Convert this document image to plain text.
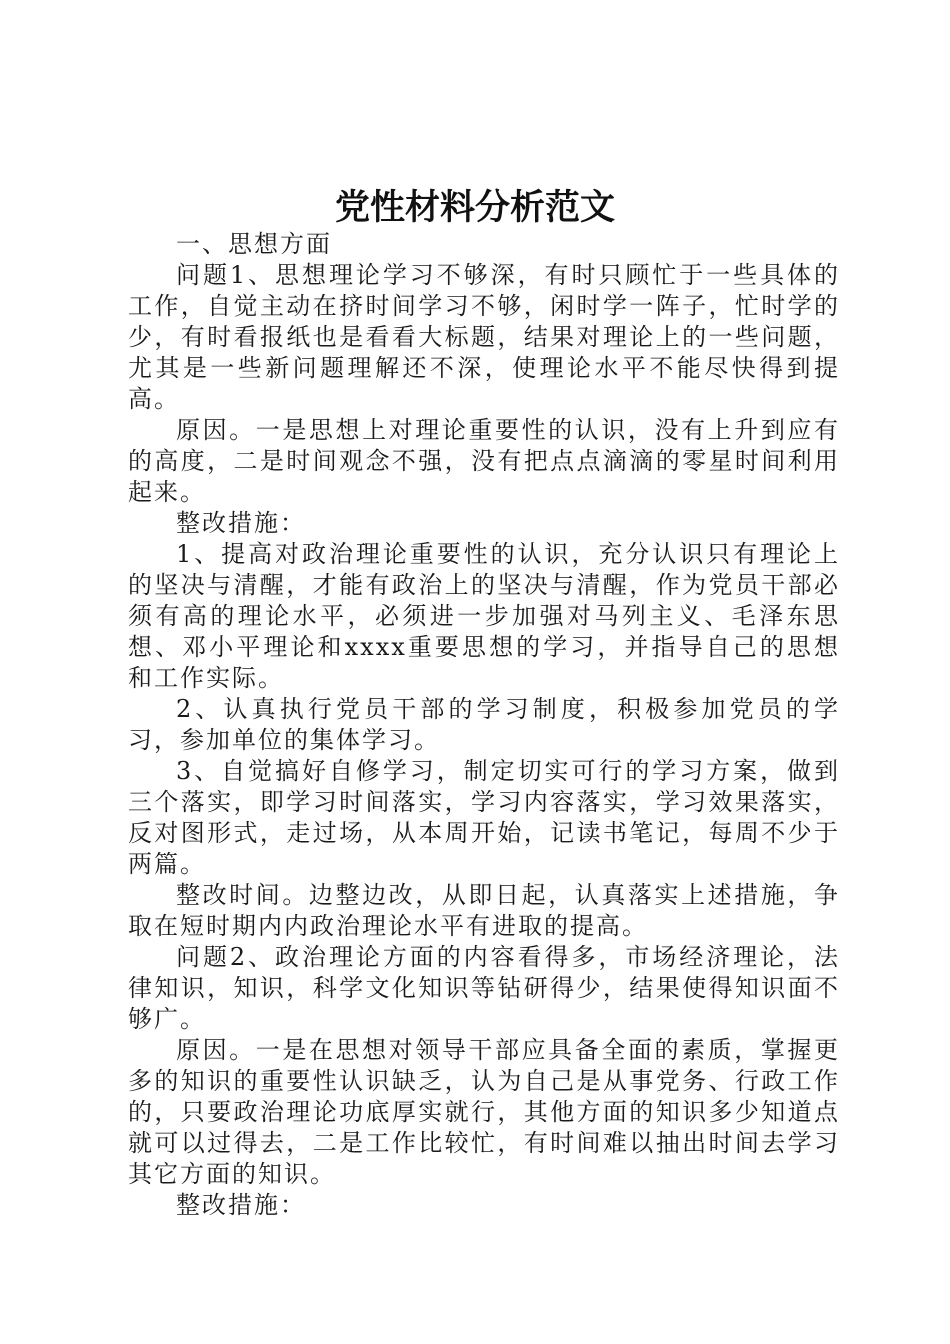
党性材料分析范文

一、思想方面

问题1、思想理论学习不够深，有时只顾忙于一些具体的工作，自觉主动在挤时间学习不够，闲时学一阵子，忙时学的少，有时看报纸也是看看大标题，结果对理论上的一些问题，尤其是一些新问题理解还不深，使理论水平不能尽快得到提高。

原因。一是思想上对理论重要性的认识，没有上升到应有的高度，二是时间观念不强，没有把点点滴滴的零星时间利用起来。

整改措施：

1、提高对政治理论重要性的认识，充分认识只有理论上的坚决与清醒，才能有政治上的坚决与清醒，作为党员干部必须有高的理论水平，必须进一步加强对马列主义、毛泽东思想、邓小平理论和xxxx重要思想的学习，并指导自己的思想和工作实际。

2、认真执行党员干部的学习制度，积极参加党员的学习，参加单位的集体学习。

3、自觉搞好自修学习，制定切实可行的学习方案，做到三个落实，即学习时间落实，学习内容落实，学习效果落实，反对图形式，走过场，从本周开始，记读书笔记，每周不少于两篇。

整改时间。边整边改，从即日起，认真落实上述措施，争取在短时期内内政治理论水平有进取的提高。

问题2、政治理论方面的内容看得多，市场经济理论，法律知识，知识，科学文化知识等钻研得少，结果使得知识面不够广。

原因。一是在思想对领导干部应具备全面的素质，掌握更多的知识的重要性认识缺乏，认为自己是从事党务、行政工作的，只要政治理论功底厚实就行，其他方面的知识多少知道点就可以过得去，二是工作比较忙，有时间难以抽出时间去学习其它方面的知识。

整改措施：
